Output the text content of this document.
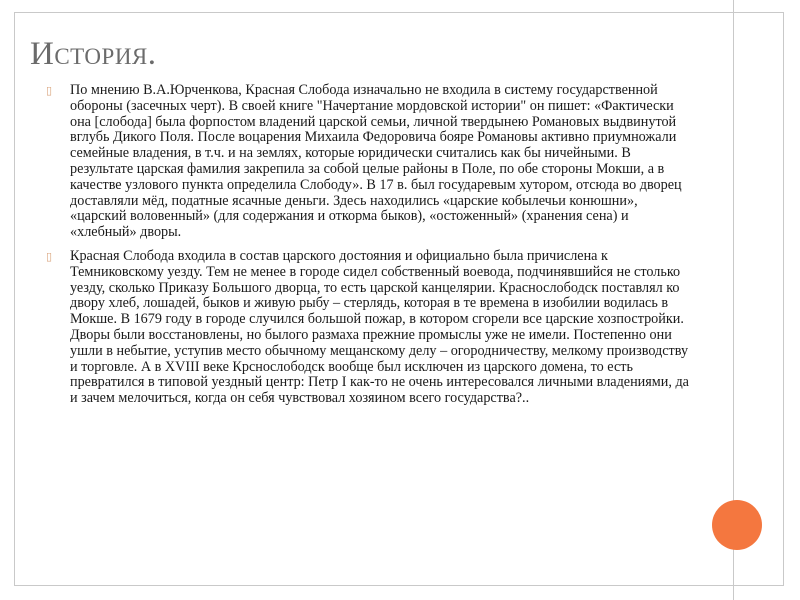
История.
▯ По мнению В.А.Юрченкова, Красная Слобода изначально не входила в систему государственной обороны (засечных черт). В своей книге "Начертание мордовской истории" он пишет: «Фактически она [слобода] была форпостом владений царской семьи, личной твердынею Романовых выдвинутой вглубь Дикого Поля. После воцарения Михаила Федоровича бояре Романовы активно приумножали семейные владения, в т.ч. и на землях, которые юридически считались как бы ничейными. В результате царская фамилия закрепила за собой целые районы в Поле, по обе стороны Мокши, а в качестве узлового пункта определила Слободу». В 17 в. был государевым хутором, отсюда во дворец доставляли мёд, податные ясачные деньги. Здесь находились «царские кобылечьи конюшни», «царский воловенный» (для содержания и откорма быков), «остоженный» (хранения сена) и «хлебный» дворы.
▯ Красная Слобода входила в состав царского достояния и официально была причислена к Темниковскому уезду. Тем не менее в городе сидел собственный воевода, подчинявшийся не столько уезду, сколько Приказу Большого дворца, то есть царской канцелярии. Краснослободск поставлял ко двору хлеб, лошадей, быков и живую рыбу – стерлядь, которая в те времена в изобилии водилась в Мокше. В 1679 году в городе случился большой пожар, в котором сгорели все царские хозпостройки. Дворы были восстановлены, но былого размаха прежние промыслы уже не имели. Постепенно они ушли в небытие, уступив место обычному мещанскому делу – огородничеству, мелкому производству и торговле. А в XVIII веке Крсноcлободск вообще был исключен из царского домена, то есть превратился в типовой уездный центр: Петр I как-то не очень интересовался личными владениями, да и зачем мелочиться, когда он себя чувствовал хозяином всего государства?..
